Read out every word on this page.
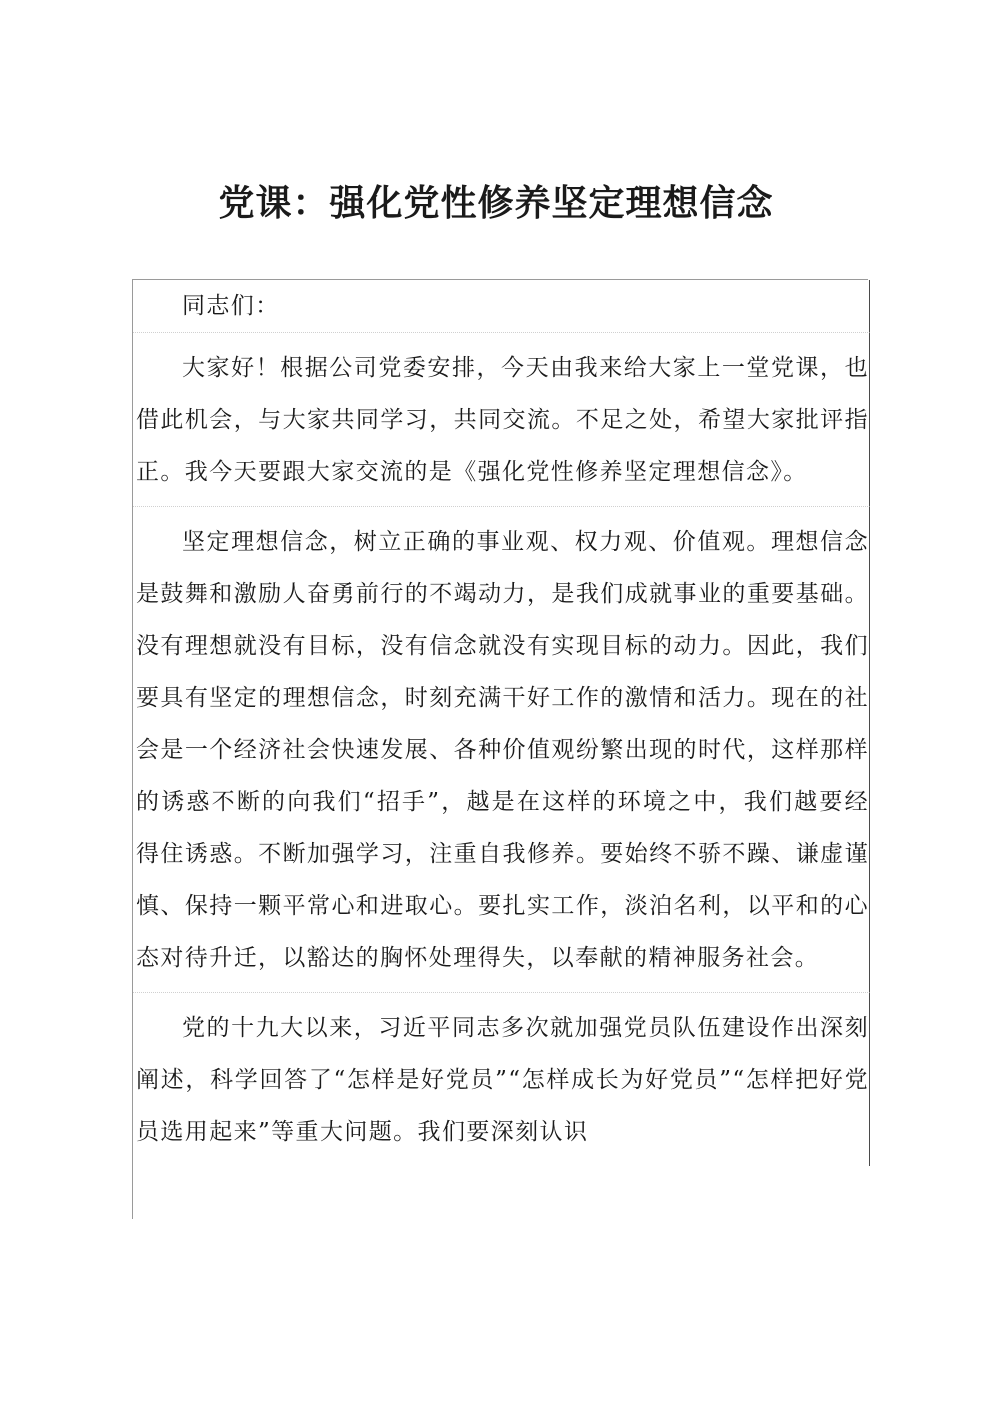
党课：强化党性修养坚定理想信念

同志们：

大家好！根据公司党委安排，今天由我来给大家上一堂党课，也借此机会，与大家共同学习，共同交流。不足之处，希望大家批评指正。我今天要跟大家交流的是《强化党性修养坚定理想信念》。

坚定理想信念，树立正确的事业观、权力观、价值观。理想信念是鼓舞和激励人奋勇前行的不竭动力，是我们成就事业的重要基础。没有理想就没有目标，没有信念就没有实现目标的动力。因此，我们要具有坚定的理想信念，时刻充满干好工作的激情和活力。现在的社会是一个经济社会快速发展、各种价值观纷繁出现的时代，这样那样的诱惑不断的向我们“招手”，越是在这样的环境之中，我们越要经得住诱惑。不断加强学习，注重自我修养。要始终不骄不躁、谦虚谨慎、保持一颗平常心和进取心。要扎实工作，淡泊名利，以平和的心态对待升迁，以豁达的胸怀处理得失，以奉献的精神服务社会。

党的十九大以来，习近平同志多次就加强党员队伍建设作出深刻阐述，科学回答了“怎样是好党员”“怎样成长为好党员”“怎样把好党员选用起来”等重大问题。我们要深刻认识
